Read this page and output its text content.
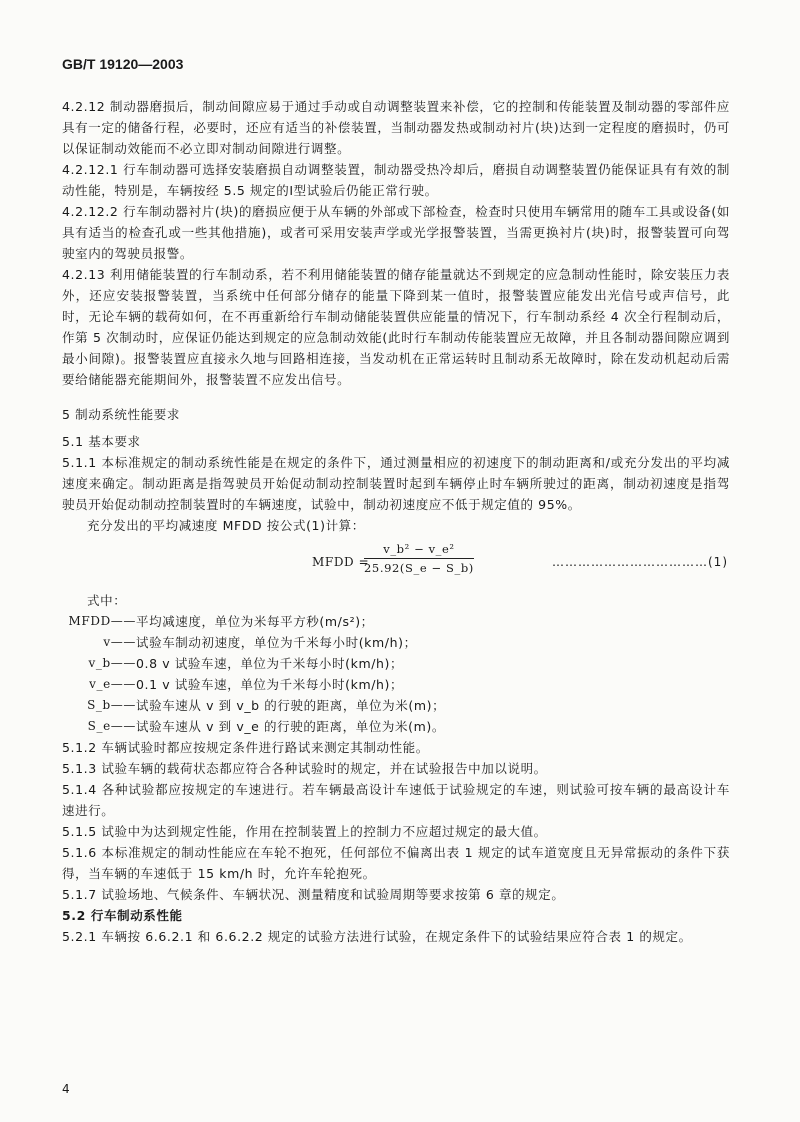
GB/T 19120—2003

4.2.12 制动器磨损后，制动间隙应易于通过手动或自动调整装置来补偿，它的控制和传能装置及制动器的零部件应具有一定的储备行程，必要时，还应有适当的补偿装置，当制动器发热或制动衬片(块)达到一定程度的磨损时，仍可以保证制动效能而不必立即对制动间隙进行调整。

4.2.12.1 行车制动器可选择安装磨损自动调整装置，制动器受热冷却后，磨损自动调整装置仍能保证具有有效的制动性能，特别是，车辆按经 5.5 规定的Ⅰ型试验后仍能正常行驶。

4.2.12.2 行车制动器衬片(块)的磨损应便于从车辆的外部或下部检查，检查时只使用车辆常用的随车工具或设备(如具有适当的检查孔或一些其他措施)，或者可采用安装声学或光学报警装置，当需更换衬片(块)时，报警装置可向驾驶室内的驾驶员报警。

4.2.13 利用储能装置的行车制动系，若不利用储能装置的储存能量就达不到规定的应急制动性能时，除安装压力表外，还应安装报警装置，当系统中任何部分储存的能量下降到某一值时，报警装置应能发出光信号或声信号，此时，无论车辆的载荷如何，在不再重新给行车制动储能装置供应能量的情况下，行车制动系经 4 次全行程制动后，作第 5 次制动时，应保证仍能达到规定的应急制动效能(此时行车制动传能装置应无故障，并且各制动器间隙应调到最小间隙)。报警装置应直接永久地与回路相连接，当发动机在正常运转时且制动系无故障时，除在发动机起动后需要给储能器充能期间外，报警装置不应发出信号。

5 制动系统性能要求

5.1 基本要求

5.1.1 本标准规定的制动系统性能是在规定的条件下，通过测量相应的初速度下的制动距离和/或充分发出的平均减速度来确定。制动距离是指驾驶员开始促动制动控制装置时起到车辆停止时车辆所驶过的距离，制动初速度是指驾驶员开始促动制动控制装置时的车辆速度，试验中，制动初速度应不低于规定值的 95%。

充分发出的平均减速度 MFDD 按公式(1)计算：

MFDD =
$\frac{\text{v\_b² − v\_e²}}{25.92(S\_e - S\_b)}$	………………………………(1)

式中：

MFDD—— 平均减速度，单位为米每平方秒(m/s²)；
v—— 试验车制动初速度，单位为千米每小时(km/h)；
v_b—— 0.8 v 试验车速，单位为千米每小时(km/h)；
v_e—— 0.1 v 试验车速，单位为千米每小时(km/h)；
S_b—— 试验车速从 v 到 v_b 的行驶的距离，单位为米(m)；
S_e—— 试验车速从 v 到 v_e 的行驶的距离，单位为米(m)。

5.1.2 车辆试验时都应按规定条件进行路试来测定其制动性能。

5.1.3 试验车辆的载荷状态都应符合各种试验时的规定，并在试验报告中加以说明。

5.1.4 各种试验都应按规定的车速进行。若车辆最高设计车速低于试验规定的车速，则试验可按车辆的最高设计车速进行。

5.1.5 试验中为达到规定性能，作用在控制装置上的控制力不应超过规定的最大值。

5.1.6 本标准规定的制动性能应在车轮不抱死，任何部位不偏离出表 1 规定的试车道宽度且无异常振动的条件下获得，当车辆的车速低于 15 km/h 时，允许车轮抱死。

5.1.7 试验场地、气候条件、车辆状况、测量精度和试验周期等要求按第 6 章的规定。

5.2 行车制动系性能

5.2.1 车辆按 6.6.2.1 和 6.6.2.2 规定的试验方法进行试验，在规定条件下的试验结果应符合表 1 的规定。

4
